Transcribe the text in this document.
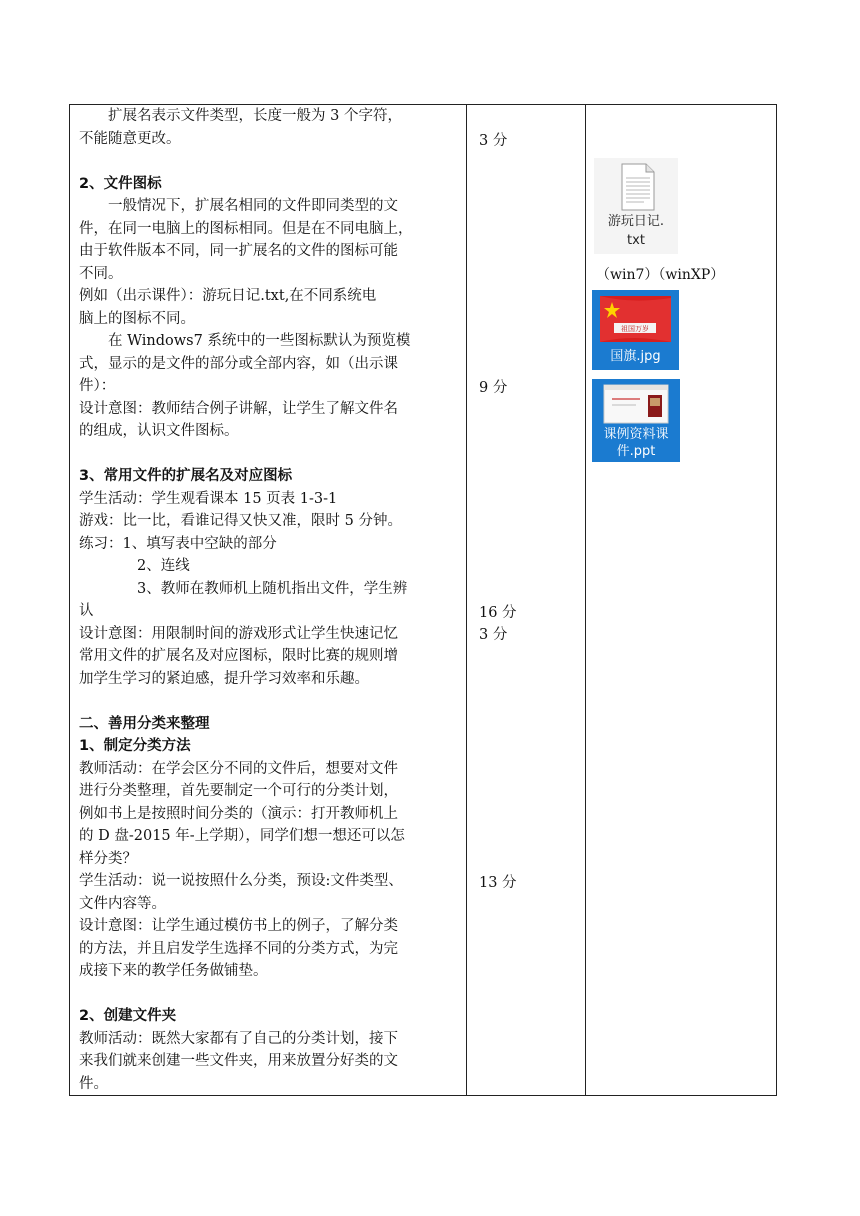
　　扩展名表示文件类型，长度一般为 3 个字符，

不能随意更改。

2、文件图标

　　一般情况下，扩展名相同的文件即同类型的文

件，在同一电脑上的图标相同。但是在不同电脑上，

由于软件版本不同，同一扩展名的文件的图标可能

不同。

例如（出示课件）：游玩日记.txt,在不同系统电

脑上的图标不同。

　　在 Windows7 系统中的一些图标默认为预览模

式，显示的是文件的部分或全部内容，如（出示课

件）：

设计意图：教师结合例子讲解，让学生了解文件名

的组成，认识文件图标。

3、常用文件的扩展名及对应图标

学生活动：学生观看课本 15 页表 1-3-1

游戏：比一比，看谁记得又快又准，限时 5 分钟。

练习：1、填写表中空缺的部分

　　　　2、连线

　　　　3、教师在教师机上随机指出文件，学生辨

认

设计意图：用限制时间的游戏形式让学生快速记忆

常用文件的扩展名及对应图标，限时比赛的规则增

加学生学习的紧迫感，提升学习效率和乐趣。

二、善用分类来整理

1、制定分类方法

教师活动：在学会区分不同的文件后，想要对文件

进行分类整理，首先要制定一个可行的分类计划，

例如书上是按照时间分类的（演示：打开教师机上

的 D 盘-2015 年-上学期），同学们想一想还可以怎

样分类？

学生活动：说一说按照什么分类，预设:文件类型、

文件内容等。

设计意图：让学生通过模仿书上的例子，了解分类

的方法，并且启发学生选择不同的分类方式，为完

成接下来的教学任务做铺垫。

2、创建文件夹

教师活动：既然大家都有了自己的分类计划，接下

来我们就来创建一些文件夹，用来放置分好类的文

件。

3 分
9 分
16 分
3 分
13 分
游玩日记.
txt
（win7）（winXP）
祖国万岁
国旗.jpg
课例资料课
件.ppt
